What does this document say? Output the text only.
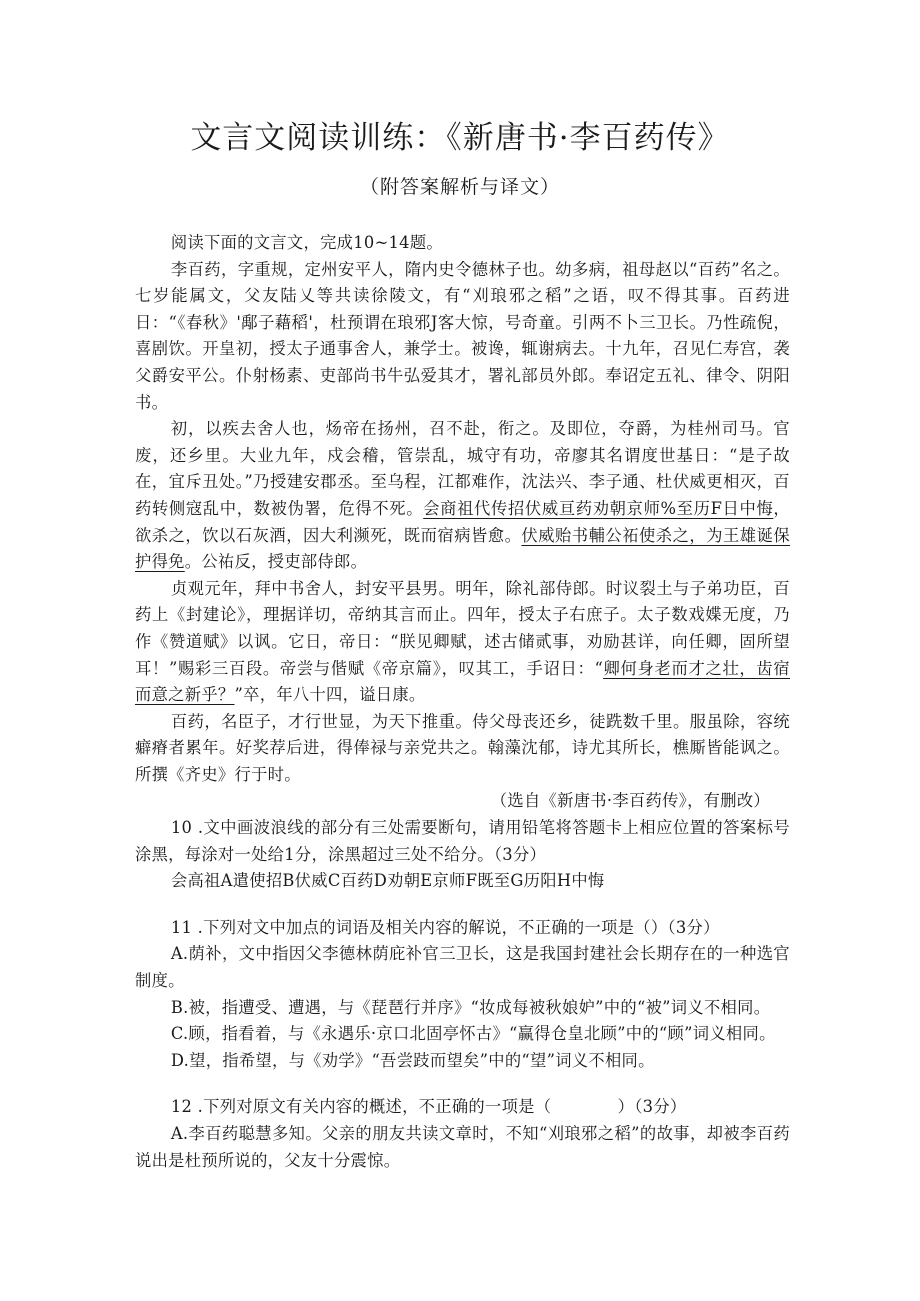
文言文阅读训练：《新唐书·李百药传》
（附答案解析与译文）

阅读下面的文言文，完成10~14题。

李百药，字重规，定州安平人，隋内史令德林子也。幼多病，祖母赵以“百药”名之。七岁能属文，父友陆乂等共读徐陵文，有“刈琅邪之稻”之语，叹不得其事。百药进日：“《春秋》'鄅子藉稻'，杜预谓在琅邪J客大惊，号奇童。引两不卜三卫长。乃性疏倪，喜剧饮。开皇初，授太子通事舍人，兼学士。被谗，辄谢病去。十九年，召见仁寿宫，袭父爵安平公。仆射杨素、吏部尚书牛弘爱其才，署礼部员外郎。奉诏定五礼、律令、阴阳书。

初，以疾去舍人也，炀帝在扬州，召不赴，衔之。及即位，夺爵，为桂州司马。官废，还乡里。大业九年，戍会稽，管崇乱，城守有功，帝廖其名谓度世基日：“是子故在，宜斥丑处。”乃授建安郡丞。至乌程，江都难作，沈法兴、李子通、杜伏威更相灭，百药转侧寇乱中，数被伪署，危得不死。会商祖代传招伏威亘药劝朝京师%至历F日中悔，欲杀之，饮以石灰酒，因大利濒死，既而宿病皆愈。伏威贻书輔公祏使杀之，为王雄诞保护得免。公祐反，授吏部侍郎。

贞观元年，拜中书舍人，封安平县男。明年，除礼部侍郎。时议裂土与子弟功臣，百药上《封建论》，理据详切，帝纳其言而止。四年，授太子右庶子。太子数戏媟无度，乃作《赞道赋》以讽。它日，帝日：“朕见卿赋，述古储贰事，劝励甚详，向任卿，固所望耳！”赐彩三百段。帝尝与偕赋《帝京篇》，叹其工，手诏日：“卿何身老而才之壮，齿宿而意之新乎？”卒，年八十四，谥日康。

百药，名臣子，才行世显，为天下推重。侍父母丧还乡，徒跣数千里。服虽除，容统癖瘠者累年。好奖荐后进，得俸禄与亲党共之。翰藻沈郁，诗尤其所长，樵厮皆能讽之。所撰《齐史》行于时。

（选自《新唐书·李百药传》，有删改）

10 .文中画波浪线的部分有三处需要断句，请用铅笔将答题卡上相应位置的答案标号涂黑，每涂对一处给1分，涂黑超过三处不给分。（3分）

会高祖A遣使招B伏威C百药D劝朝E京师F既至G历阳H中悔

11 .下列对文中加点的词语及相关内容的解说，不正确的一项是（）（3分）

A.荫补，文中指因父李德林荫庇补官三卫长，这是我国封建社会长期存在的一种选官制度。

B.被，指遭受、遭遇，与《琵琶行并序》“妆成每被秋娘妒”中的“被”词义不相同。

C.顾，指看着，与《永遇乐·京口北固亭怀古》“赢得仓皇北顾”中的“顾”词义相同。

D.望，指希望，与《劝学》“吾尝跂而望矣”中的“望”词义不相同。

12 .下列对原文有关内容的概述，不正确的一项是（　　　　）（3分）

A.李百药聪慧多知。父亲的朋友共读文章时，不知“刈琅邪之稻”的故事，却被李百药说出是杜预所说的，父友十分震惊。
